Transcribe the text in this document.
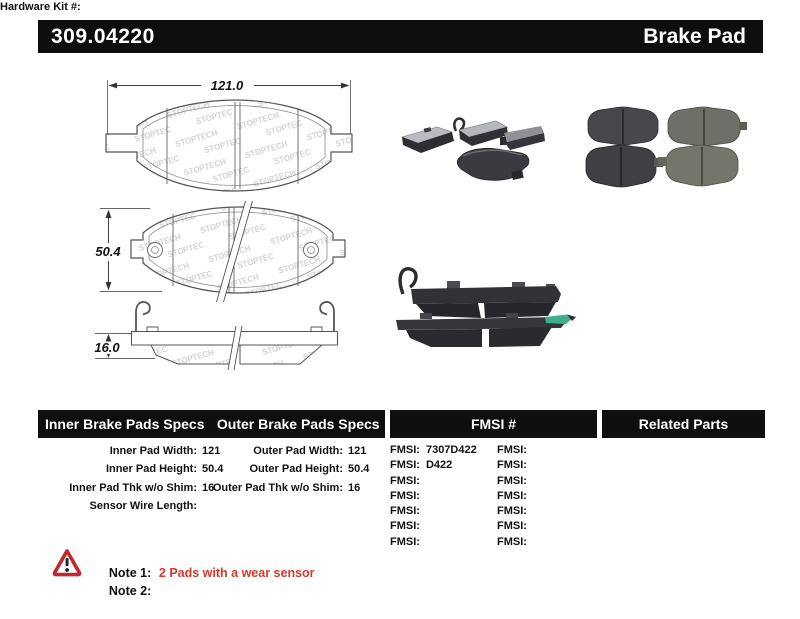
309.04220	Brake Pad
121.0
50.4
16.0
Inner Brake Pads Specs Outer Brake Pads Specs	FMSI #	Related Parts
Inner Pad Width: 121
Inner Pad Height: 50.4
Inner Pad Thk w/o Shim: 16
Sensor Wire Length:
Outer Pad Width: 121
Outer Pad Height: 50.4
Outer Pad Thk w/o Shim: 16
FMSI: 7307D422
FMSI: D422
FMSI:
FMSI:
FMSI:
FMSI:
FMSI:
FMSI:
FMSI:
FMSI:
FMSI:
FMSI:
FMSI:
FMSI:
Hardware Kit #:

Note 1: 2 Pads with a wear sensor

Note 2:
